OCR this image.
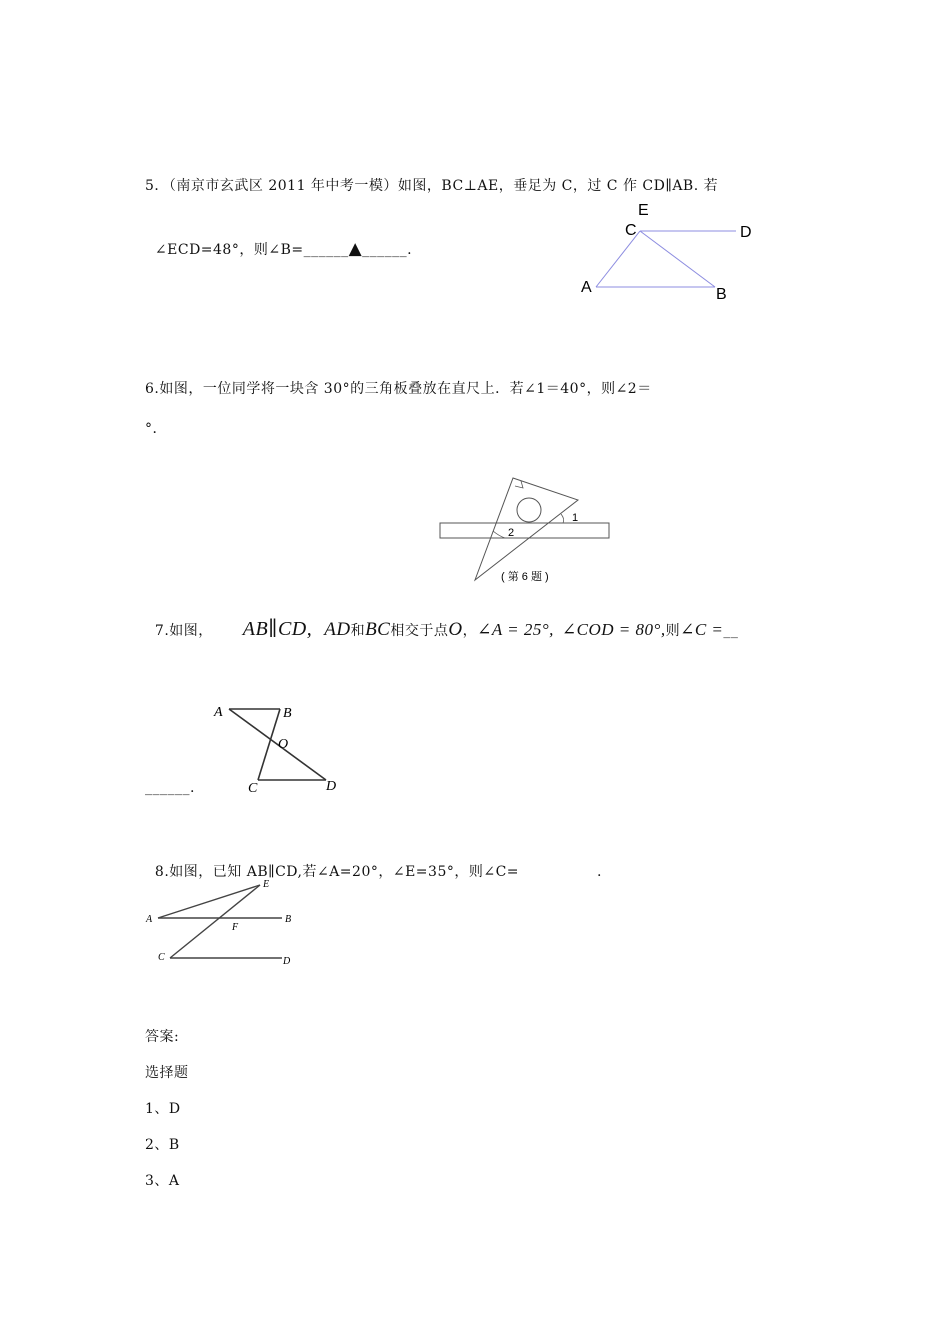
5．（南京市玄武区 2011 年中考一模）如图，BC⊥AE，垂足为 C，过 C 作 CD∥AB. 若

∠ECD=48°，则∠B=______▲______.

E
C	D
A	B
6.如图，一位同学将一块含 30°的三角板叠放在直尺上．若∠1＝40°，则∠2＝
°．
1
2
( 第 6 题 )

7.如图， AB∥CD, AD和BC相交于点O，∠A = 25°, ∠COD = 80°,则∠C =__

A	B
O
C	D
______.

8.如图，已知 AB∥CD,若∠A=20°，∠E=35°，则∠C=	.

A	B
E
F
C	D
答案:
选择题
1、D
2、B
3、A
